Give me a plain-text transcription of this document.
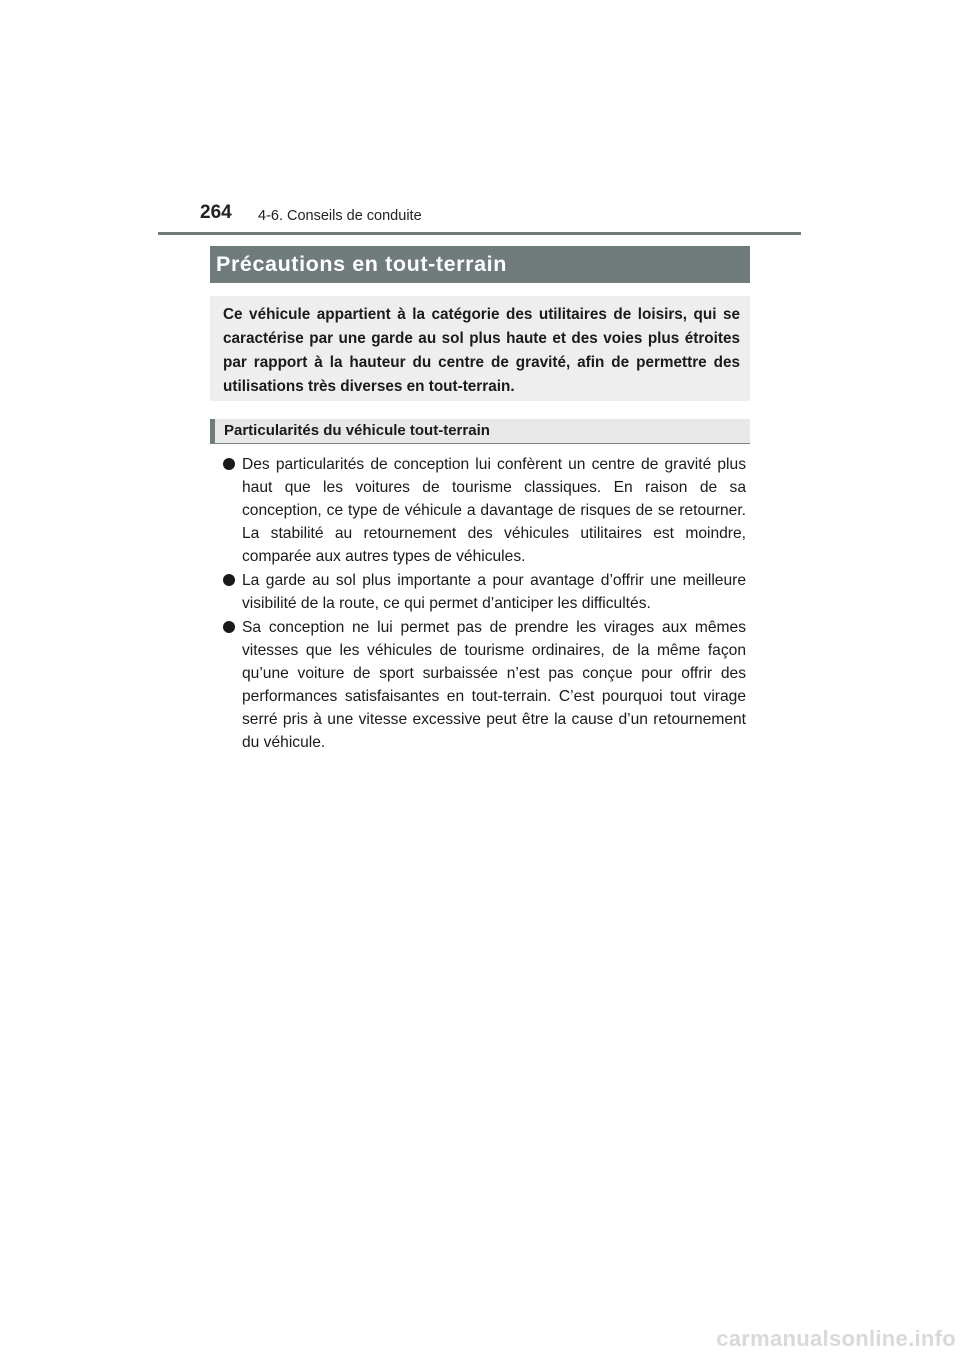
264 4-6. Conseils de conduite
Précautions en tout-terrain

Ce véhicule appartient à la catégorie des utilitaires de loisirs, qui se caractérise par une garde au sol plus haute et des voies plus étroites par rapport à la hauteur du centre de gravité, afin de permettre des utilisations très diverses en tout-terrain.

Particularités du véhicule tout-terrain
Des particularités de conception lui confèrent un centre de gravité plus haut que les voitures de tourisme classiques. En raison de sa conception, ce type de véhicule a davantage de risques de se retourner. La stabilité au retournement des véhicules utilitaires est moindre, comparée aux autres types de véhicules.
La garde au sol plus importante a pour avantage d’offrir une meilleure visibilité de la route, ce qui permet d’anticiper les difficultés.
Sa conception ne lui permet pas de prendre les virages aux mêmes vitesses que les véhicules de tourisme ordinaires, de la même façon qu’une voiture de sport surbaissée n’est pas conçue pour offrir des performances satisfaisantes en tout-terrain. C’est pourquoi tout virage serré pris à une vitesse excessive peut être la cause d’un retournement du véhicule.
carmanualsonline.info
